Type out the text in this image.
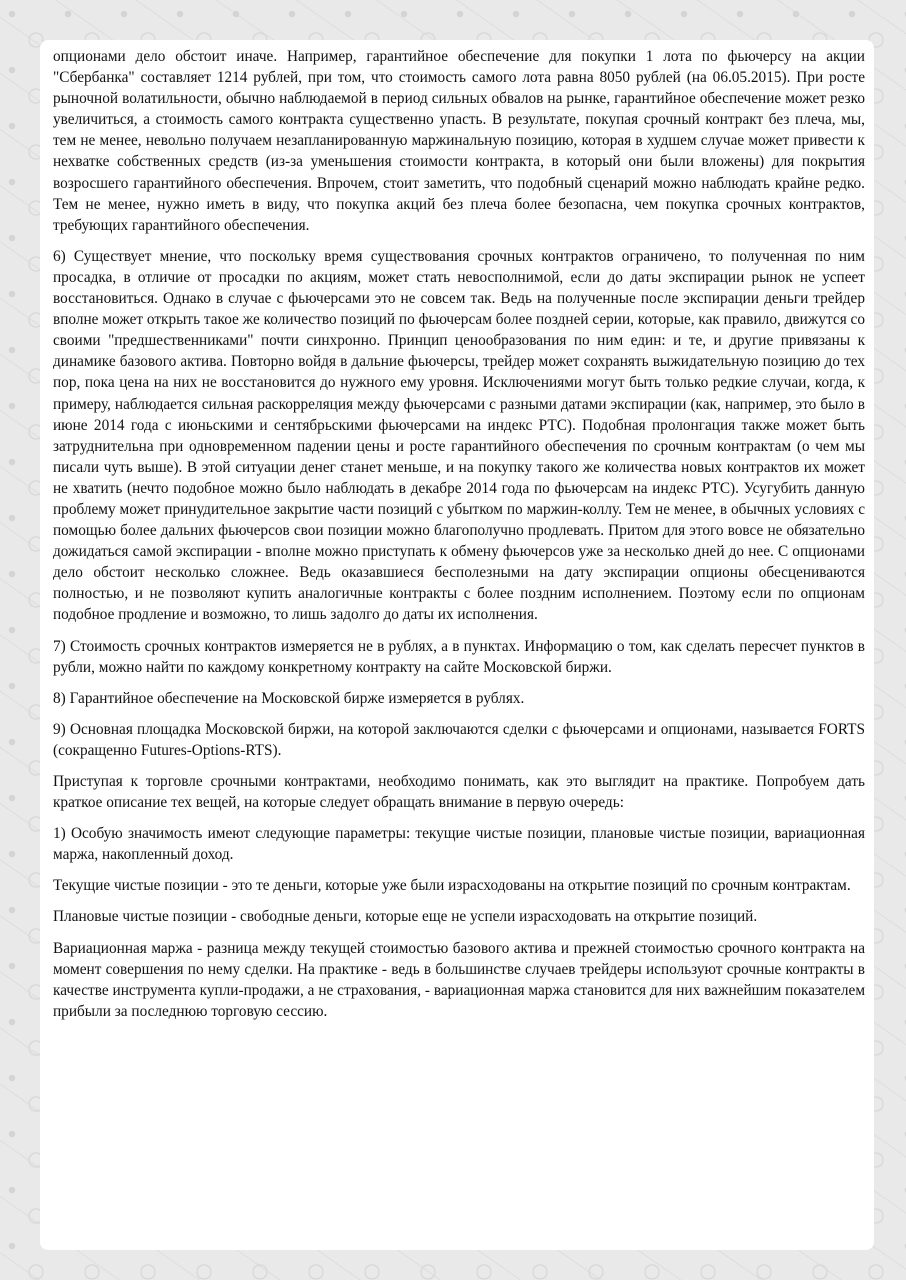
опционами дело обстоит иначе. Например, гарантийное обеспечение для покупки 1 лота по фьючерсу на акции "Сбербанка" составляет 1214 рублей, при том, что стоимость самого лота равна 8050 рублей (на 06.05.2015). При росте рыночной волатильности, обычно наблюдаемой в период сильных обвалов на рынке, гарантийное обеспечение может резко увеличиться, а стоимость самого контракта существенно упасть. В результате, покупая срочный контракт без плеча, мы, тем не менее, невольно получаем незапланированную маржинальную позицию, которая в худшем случае может привести к нехватке собственных средств (из-за уменьшения стоимости контракта, в который они были вложены) для покрытия возросшего гарантийного обеспечения. Впрочем, стоит заметить, что подобный сценарий можно наблюдать крайне редко. Тем не менее, нужно иметь в виду, что покупка акций без плеча более безопасна, чем покупка срочных контрактов, требующих гарантийного обеспечения.

6) Существует мнение, что поскольку время существования срочных контрактов ограничено, то полученная по ним просадка, в отличие от просадки по акциям, может стать невосполнимой, если до даты экспирации рынок не успеет восстановиться. Однако в случае с фьючерсами это не совсем так. Ведь на полученные после экспирации деньги трейдер вполне может открыть такое же количество позиций по фьючерсам более поздней серии, которые, как правило, движутся со своими "предшественниками" почти синхронно. Принцип ценообразования по ним един: и те, и другие привязаны к динамике базового актива. Повторно войдя в дальние фьючерсы, трейдер может сохранять выжидательную позицию до тех пор, пока цена на них не восстановится до нужного ему уровня. Исключениями могут быть только редкие случаи, когда, к примеру, наблюдается сильная раскорреляция между фьючерсами с разными датами экспирации (как, например, это было в июне 2014 года с июньскими и сентябрьскими фьючерсами на индекс РТС). Подобная пролонгация также может быть затруднительна при одновременном падении цены и росте гарантийного обеспечения по срочным контрактам (о чем мы писали чуть выше). В этой ситуации денег станет меньше, и на покупку такого же количества новых контрактов их может не хватить (нечто подобное можно было наблюдать в декабре 2014 года по фьючерсам на индекс РТС). Усугубить данную проблему может принудительное закрытие части позиций с убытком по маржин-коллу. Тем не менее, в обычных условиях с помощью более дальних фьючерсов свои позиции можно благополучно продлевать. Притом для этого вовсе не обязательно дожидаться самой экспирации - вполне можно приступать к обмену фьючерсов уже за несколько дней до нее. С опционами дело обстоит несколько сложнее. Ведь оказавшиеся бесполезными на дату экспирации опционы обесцениваются полностью, и не позволяют купить аналогичные контракты с более поздним исполнением. Поэтому если по опционам подобное продление и возможно, то лишь задолго до даты их исполнения.

7) Стоимость срочных контрактов измеряется не в рублях, а в пунктах. Информацию о том, как сделать пересчет пунктов в рубли, можно найти по каждому конкретному контракту на сайте Московской биржи.

8) Гарантийное обеспечение на Московской бирже измеряется в рублях.

9) Основная площадка Московской биржи, на которой заключаются сделки с фьючерсами и опционами, называется FORTS (сокращенно Futures-Options-RTS).

Приступая к торговле срочными контрактами, необходимо понимать, как это выглядит на практике. Попробуем дать краткое описание тех вещей, на которые следует обращать внимание в первую очередь:

1) Особую значимость имеют следующие параметры: текущие чистые позиции, плановые чистые позиции, вариационная маржа, накопленный доход.

Текущие чистые позиции - это те деньги, которые уже были израсходованы на открытие позиций по срочным контрактам.

Плановые чистые позиции - свободные деньги, которые еще не успели израсходовать на открытие позиций.

Вариационная маржа - разница между текущей стоимостью базового актива и прежней стоимостью срочного контракта на момент совершения по нему сделки. На практике - ведь в большинстве случаев трейдеры используют срочные контракты в качестве инструмента купли-продажи, а не страхования, - вариационная маржа становится для них важнейшим показателем прибыли за последнюю торговую сессию.
